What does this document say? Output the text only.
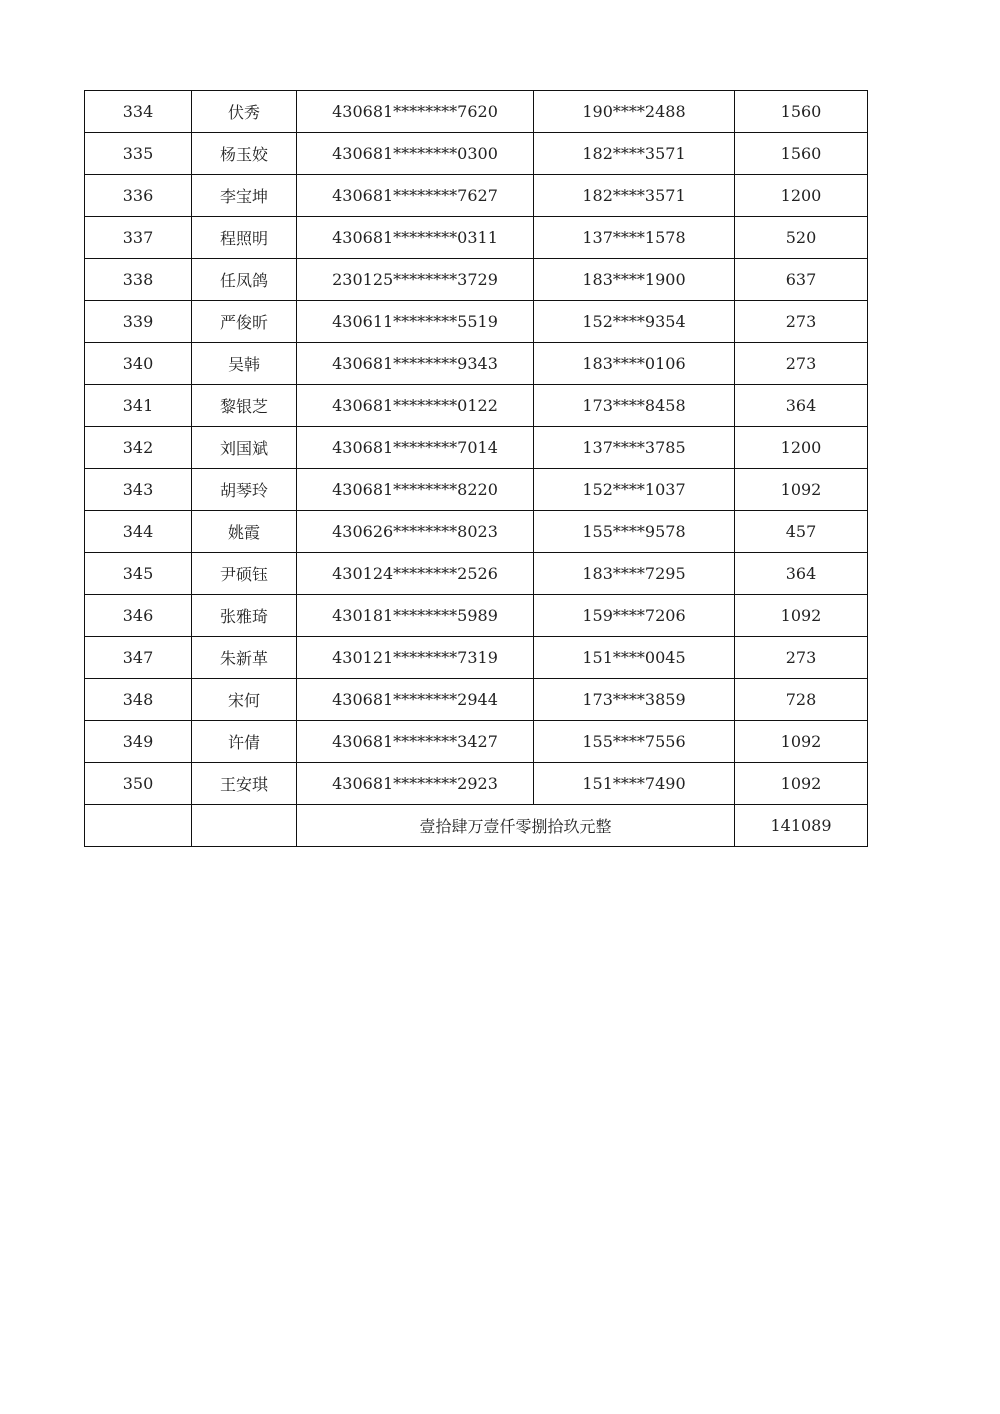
334	伏秀	430681********7620	190****2488	1560
335	杨玉姣	430681********0300	182****3571	1560
336	李宝坤	430681********7627	182****3571	1200
337	程照明	430681********0311	137****1578	520
338	任凤鸽	230125********3729	183****1900	637
339	严俊昕	430611********5519	152****9354	273
340	吴韩	430681********9343	183****0106	273
341	黎银芝	430681********0122	173****8458	364
342	刘国斌	430681********7014	137****3785	1200
343	胡琴玲	430681********8220	152****1037	1092
344	姚霞	430626********8023	155****9578	457
345	尹硕钰	430124********2526	183****7295	364
346	张雅琦	430181********5989	159****7206	1092
347	朱新革	430121********7319	151****0045	273
348	宋何	430681********2944	173****3859	728
349	许倩	430681********3427	155****7556	1092
350	王安琪	430681********2923	151****7490	1092
		壹拾肆万壹仟零捌拾玖元整		141089
